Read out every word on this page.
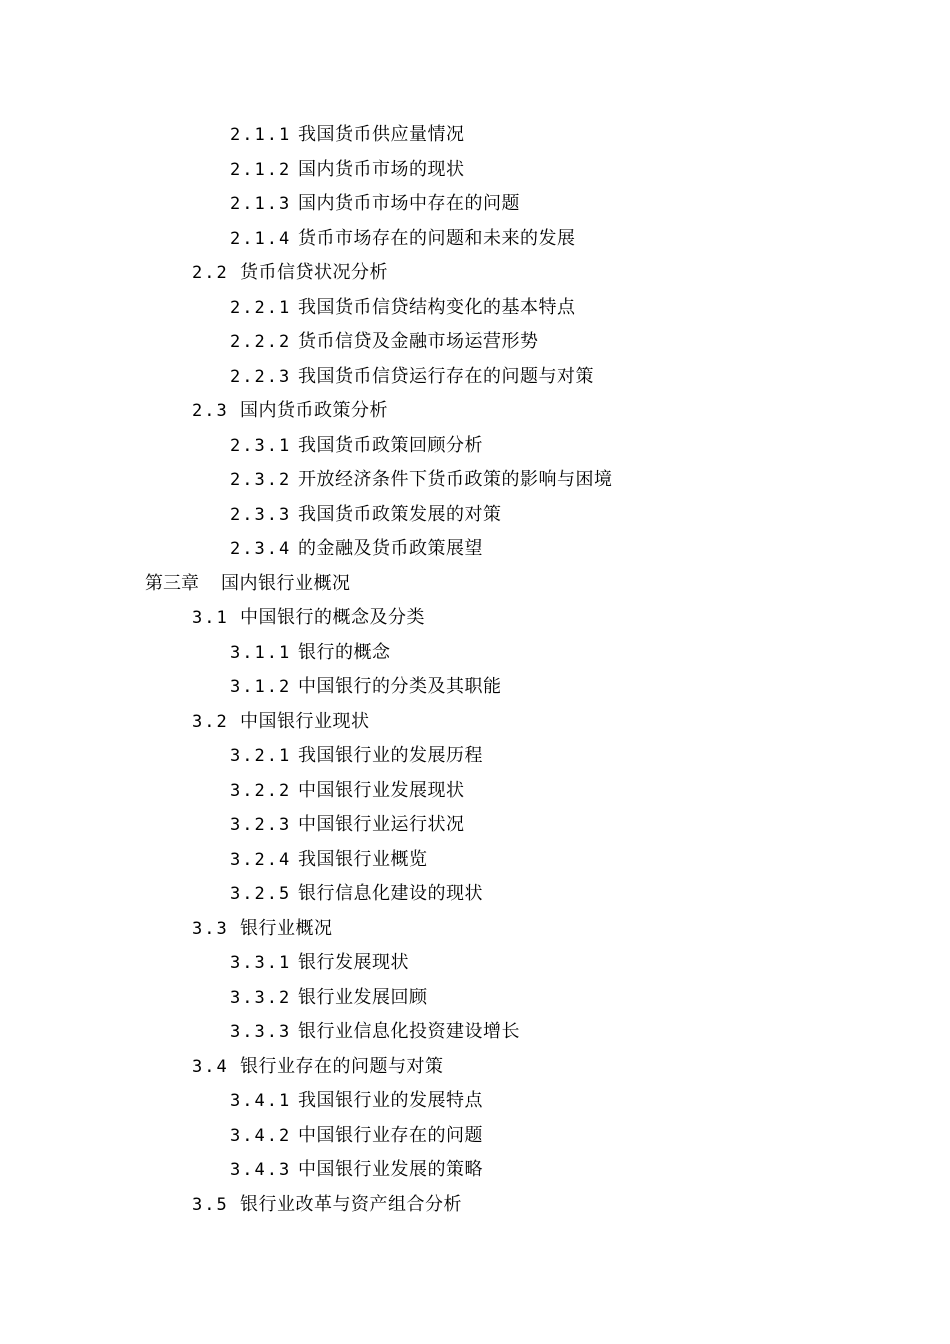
2.1.1 我国货币供应量情况
2.1.2 国内货币市场的现状
2.1.3 国内货币市场中存在的问题
2.1.4 货币市场存在的问题和未来的发展
2.2 货币信贷状况分析
2.2.1 我国货币信贷结构变化的基本特点
2.2.2 货币信贷及金融市场运营形势
2.2.3 我国货币信贷运行存在的问题与对策
2.3 国内货币政策分析
2.3.1 我国货币政策回顾分析
2.3.2 开放经济条件下货币政策的影响与困境
2.3.3 我国货币政策发展的对策
2.3.4 的金融及货币政策展望
第三章	国内银行业概况
3.1 中国银行的概念及分类
3.1.1 银行的概念
3.1.2 中国银行的分类及其职能
3.2 中国银行业现状
3.2.1 我国银行业的发展历程
3.2.2 中国银行业发展现状
3.2.3 中国银行业运行状况
3.2.4 我国银行业概览
3.2.5 银行信息化建设的现状
3.3 银行业概况
3.3.1 银行发展现状
3.3.2 银行业发展回顾
3.3.3 银行业信息化投资建设增长
3.4 银行业存在的问题与对策
3.4.1 我国银行业的发展特点
3.4.2 中国银行业存在的问题
3.4.3 中国银行业发展的策略
3.5 银行业改革与资产组合分析
